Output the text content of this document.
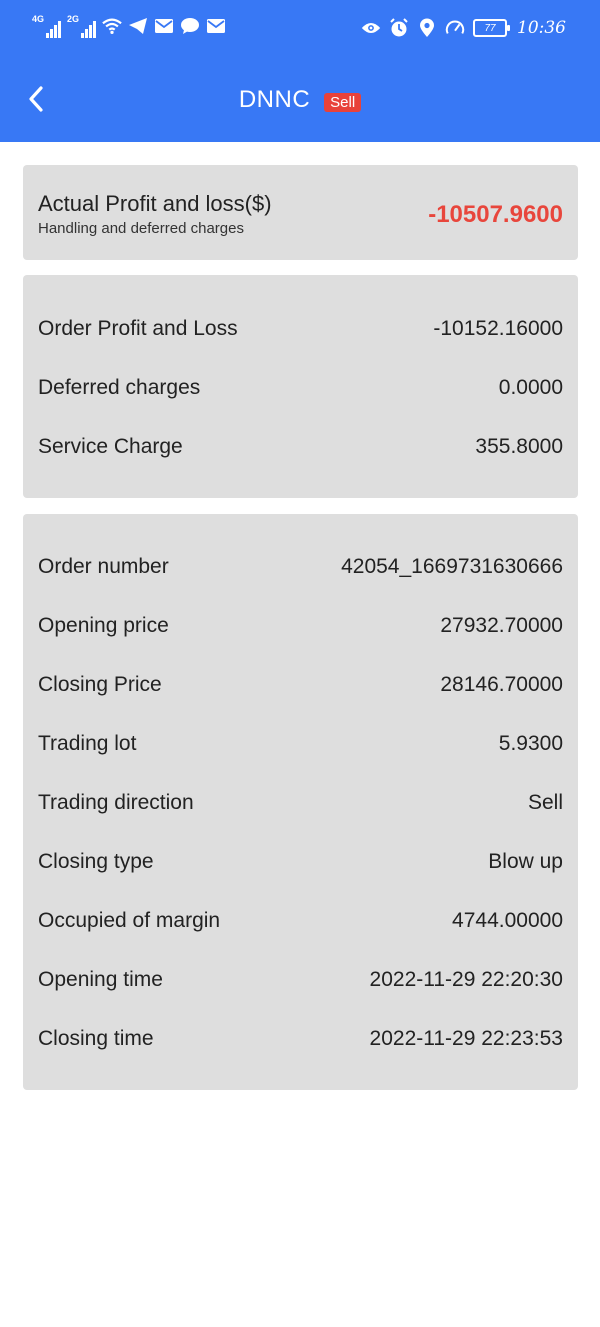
4G	2G
77 10:36
DNNC	Sell
Actual Profit and loss($)
Handling and deferred charges
-10507.9600
Order Profit and Loss	-10152.16000
Deferred charges	0.0000
Service Charge	355.8000
Order number	42054_1669731630666
Opening price	27932.70000
Closing Price	28146.70000
Trading lot	5.9300
Trading direction	Sell
Closing type	Blow up
Occupied of margin	4744.00000
Opening time	2022-11-29 22:20:30
Closing time	2022-11-29 22:23:53
